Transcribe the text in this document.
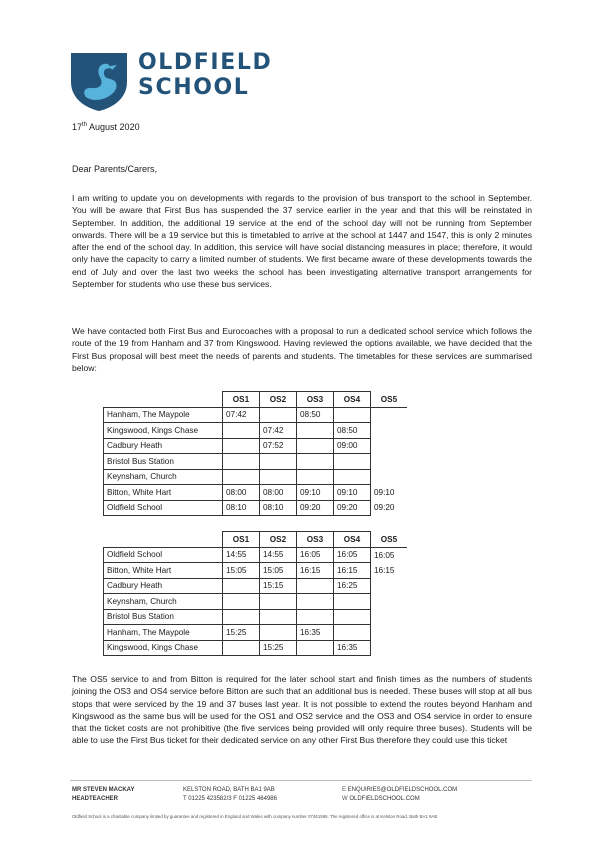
OLDFIELD
SCHOOL
17th August 2020
Dear Parents/Carers,

I am writing to update you on developments with regards to the provision of bus transport to the school in September. You will be aware that First Bus has suspended the 37 service earlier in the year and that this will be reinstated in September. In addition, the additional 19 service at the end of the school day will not be running from September onwards. There will be a 19 service but this is timetabled to arrive at the school at 1447 and 1547, this is only 2 minutes after the end of the school day. In addition, this service will have social distancing measures in place; therefore, it would only have the capacity to carry a limited number of students. We first became aware of these developments towards the end of July and over the last two weeks the school has been investigating alternative transport arrangements for September for students who use these bus services.

We have contacted both First Bus and Eurocoaches with a proposal to run a dedicated school service which follows the route of the 19 from Hanham and 37 from Kingswood. Having reviewed the options available, we have decided that the First Bus proposal will best meet the needs of parents and students. The timetables for these services are summarised below:

	OS1	OS2	OS3	OS4	OS5
Hanham, The Maypole	07:42		08:50		
Kingswood, Kings Chase		07:42		08:50	
Cadbury Heath		07:52		09:00	
Bristol Bus Station					
Keynsham, Church					
Bitton, White Hart	08:00	08:00	09:10	09:10	09:10
Oldfield School	08:10	08:10	09:20	09:20	09:20
	OS1	OS2	OS3	OS4	OS5
Oldfield School	14:55	14:55	16:05	16:05	16:05
Bitton, White Hart	15:05	15:05	16:15	16:15	16:15
Cadbury Heath		15:15		16:25	
Keynsham, Church					
Bristol Bus Station					
Hanham, The Maypole	15:25		16:35		
Kingswood, Kings Chase		15:25		16:35	

The OS5 service to and from Bitton is required for the later school start and finish times as the numbers of students joining the OS3 and OS4 service before Bitton are such that an additional bus is needed. These buses will stop at all bus stops that were serviced by the 19 and 37 buses last year. It is not possible to extend the routes beyond Hanham and Kingswood as the same bus will be used for the OS1 and OS2 service and the OS3 and OS4 service in order to ensure that the ticket costs are not prohibitive (the five services being provided will only require three buses). Students will be able to use the First Bus ticket for their dedicated service on any other First Bus therefore they could use this ticket

MR STEVEN MACKAY
HEADTEACHER
KELSTON ROAD, BATH BA1 9AB
T 01225 423582/3 F 01225 464986
E ENQUIRIES@OLDFIELDSCHOOL.COM
W OLDFIELDSCHOOL.COM
Oldfield School is a charitable company limited by guarantee and registered in England and Wales with company number 07461565. The registered office is at Kelston Road, Bath BA1 9AB
